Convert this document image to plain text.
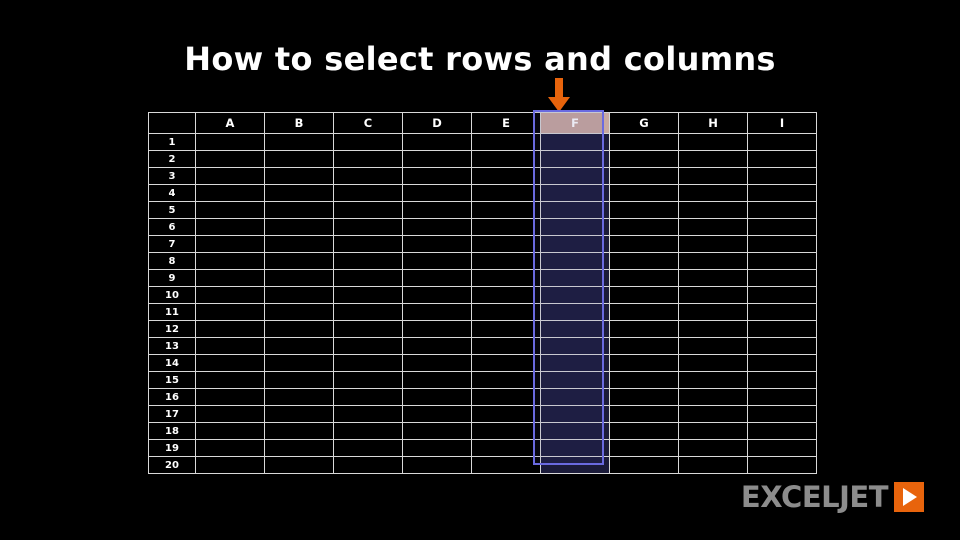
How to select rows and columns
	A	B	C	D	E	F	G	H	I
1									
2									
3									
4									
5									
6									
7									
8									
9									
10									
11									
12									
13									
14									
15									
16									
17									
18									
19									
20									
EXCELJET
